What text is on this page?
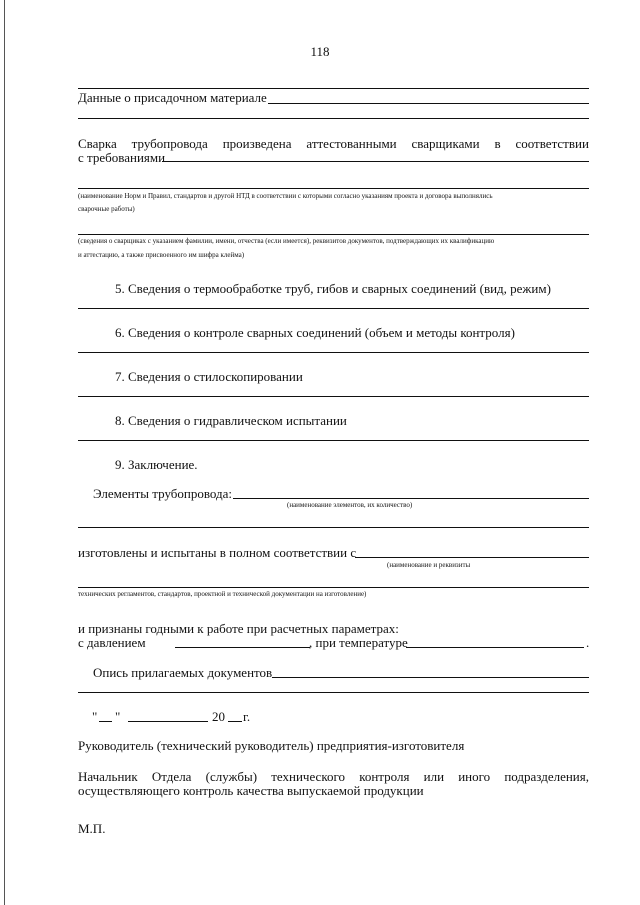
118
Данные о присадочном материале
Сварка трубопровода произведена аттестованными сварщиками в соответствии
с требованиями
(наименование Норм и Правил, стандартов и другой НТД в соответствии с которыми согласно указаниям проекта и договора выполнялись
сварочные работы)
(сведения о сварщиках с указанием фамилии, имени, отчества (если имеется), реквизитов документов, подтверждающих их квалификацию
и аттестацию, а также присвоенного им шифра клейма)
5. Сведения о термообработке труб, гибов и сварных соединений (вид, режим)
6. Сведения о контроле сварных соединений (объем и методы контроля)
7. Сведения о стилоскопировании
8. Сведения о гидравлическом испытании
9. Заключение.
Элементы трубопровода:
(наименование элементов, их количество)
изготовлены и испытаны в полном соответствии с
(наименование и реквизиты
технических регламентов, стандартов, проектной и технической документации на изготовление)
и признаны годными к работе при расчетных параметрах:
с давлением	, при температуре	.
Опись прилагаемых документов
" "	20 г.
Руководитель (технический руководитель) предприятия-изготовителя
Начальник Отдела (службы) технического контроля или иного подразделения,
осуществляющего контроль качества выпускаемой продукции
М.П.
